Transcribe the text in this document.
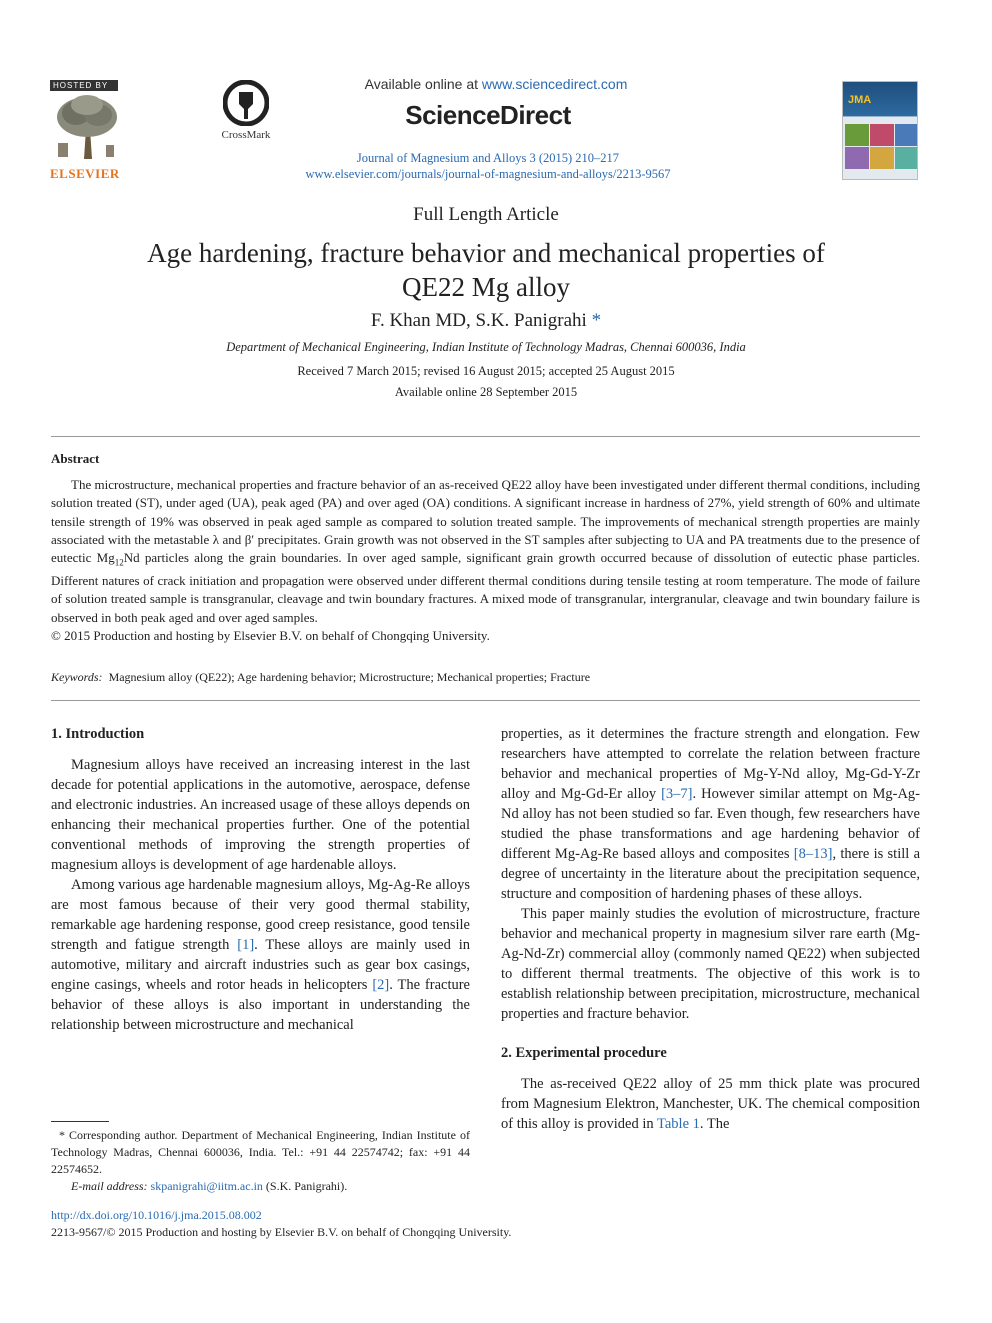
HOSTED BY
ELSEVIER
CrossMark
Available online at www.sciencedirect.com
ScienceDirect
Journal of Magnesium and Alloys 3 (2015) 210–217
www.elsevier.com/journals/journal-of-magnesium-and-alloys/2213-9567
JMA
Full Length Article
Age hardening, fracture behavior and mechanical properties of
QE22 Mg alloy
F. Khan MD, S.K. Panigrahi *
Department of Mechanical Engineering, Indian Institute of Technology Madras, Chennai 600036, India
Received 7 March 2015; revised 16 August 2015; accepted 25 August 2015
Available online 28 September 2015
Abstract

The microstructure, mechanical properties and fracture behavior of an as-received QE22 alloy have been investigated under different thermal conditions, including solution treated (ST), under aged (UA), peak aged (PA) and over aged (OA) conditions. A significant increase in hardness of 27%, yield strength of 60% and ultimate tensile strength of 19% was observed in peak aged sample as compared to solution treated sample. The improvements of mechanical strength properties are mainly associated with the metastable λ and β′ precipitates. Grain growth was not observed in the ST samples after subjecting to UA and PA treatments due to the presence of eutectic $Mg_{12}Nd$ particles along the grain boundaries. In over aged sample, significant grain growth occurred because of dissolution of eutectic phase particles. Different natures of crack initiation and propagation were observed under different thermal conditions during tensile testing at room temperature. The mode of failure of solution treated sample is transgranular, cleavage and twin boundary fractures. A mixed mode of transgranular, intergranular, cleavage and twin boundary failure is observed in both peak aged and over aged samples.

© 2015 Production and hosting by Elsevier B.V. on behalf of Chongqing University.

Keywords: Magnesium alloy (QE22); Age hardening behavior; Microstructure; Mechanical properties; Fracture
1. Introduction

Magnesium alloys have received an increasing interest in the last decade for potential applications in the automotive, aerospace, defense and electronic industries. An increased usage of these alloys depends on enhancing their mechanical properties further. One of the potential conventional methods of improving the strength properties of magnesium alloys is development of age hardenable alloys.

Among various age hardenable magnesium alloys, Mg-Ag-Re alloys are most famous because of their very good thermal stability, remarkable age hardening response, good creep resistance, good tensile strength and fatigue strength [1]. These alloys are mainly used in automotive, military and aircraft industries such as gear box casings, engine casings, wheels and rotor heads in helicopters [2]. The fracture behavior of these alloys is also important in understanding the relationship between microstructure and mechanical

properties, as it determines the fracture strength and elongation. Few researchers have attempted to correlate the relation between fracture behavior and mechanical properties of Mg-Y-Nd alloy, Mg-Gd-Y-Zr alloy and Mg-Gd-Er alloy [3–7]. However similar attempt on Mg-Ag-Nd alloy has not been studied so far. Even though, few researchers have studied the phase transformations and age hardening behavior of different Mg-Ag-Re based alloys and composites [8–13], there is still a degree of uncertainty in the literature about the precipitation sequence, structure and composition of hardening phases of these alloys.

This paper mainly studies the evolution of microstructure, fracture behavior and mechanical property in magnesium silver rare earth (Mg-Ag-Nd-Zr) commercial alloy (commonly named QE22) when subjected to different thermal treatments. The objective of this work is to establish relationship between precipitation, microstructure, mechanical properties and fracture behavior.

2. Experimental procedure

The as-received QE22 alloy of 25 mm thick plate was procured from Magnesium Elektron, Manchester, UK. The chemical composition of this alloy is provided in Table 1. The

* Corresponding author. Department of Mechanical Engineering, Indian Institute of Technology Madras, Chennai 600036, India. Tel.: +91 44 22574742; fax: +91 44 22574652.

E-mail address: skpanigrahi@iitm.ac.in (S.K. Panigrahi).

http://dx.doi.org/10.1016/j.jma.2015.08.002
2213-9567/© 2015 Production and hosting by Elsevier B.V. on behalf of Chongqing University.
